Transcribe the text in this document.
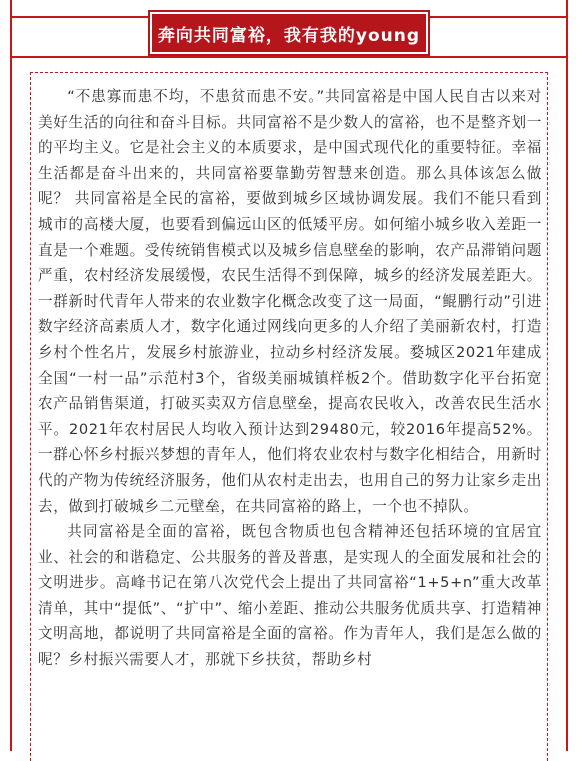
奔向共同富裕，我有我的young

“不患寡而患不均，不患贫而患不安。”共同富裕是中国人民自古以来对美好生活的向往和奋斗目标。共同富裕不是少数人的富裕，也不是整齐划一的平均主义。它是社会主义的本质要求，是中国式现代化的重要特征。幸福生活都是奋斗出来的，共同富裕要靠勤劳智慧来创造。那么具体该怎么做呢？ 共同富裕是全民的富裕，要做到城乡区域协调发展。我们不能只看到城市的高楼大厦，也要看到偏远山区的低矮平房。如何缩小城乡收入差距一直是一个难题。受传统销售模式以及城乡信息壁垒的影响，农产品滞销问题严重，农村经济发展缓慢，农民生活得不到保障，城乡的经济发展差距大。一群新时代青年人带来的农业数字化概念改变了这一局面，“鲲鹏行动”引进数字经济高素质人才，数字化通过网线向更多的人介绍了美丽新农村，打造乡村个性名片，发展乡村旅游业，拉动乡村经济发展。婺城区2021年建成全国“一村一品”示范村3个，省级美丽城镇样板2个。借助数字化平台拓宽农产品销售渠道，打破买卖双方信息壁垒，提高农民收入，改善农民生活水平。2021年农村居民人均收入预计达到29480元，较2016年提高52%。一群心怀乡村振兴梦想的青年人，他们将农业农村与数字化相结合，用新时代的产物为传统经济服务，他们从农村走出去，也用自己的努力让家乡走出去，做到打破城乡二元壁垒，在共同富裕的路上，一个也不掉队。

共同富裕是全面的富裕，既包含物质也包含精神还包括环境的宜居宜业、社会的和谐稳定、公共服务的普及普惠，是实现人的全面发展和社会的文明进步。高峰书记在第八次党代会上提出了共同富裕“1+5+n”重大改革清单，其中“提低”、“扩中”、缩小差距、推动公共服务优质共享、打造精神文明高地，都说明了共同富裕是全面的富裕。作为青年人，我们是怎么做的呢？乡村振兴需要人才，那就下乡扶贫，帮助乡村
